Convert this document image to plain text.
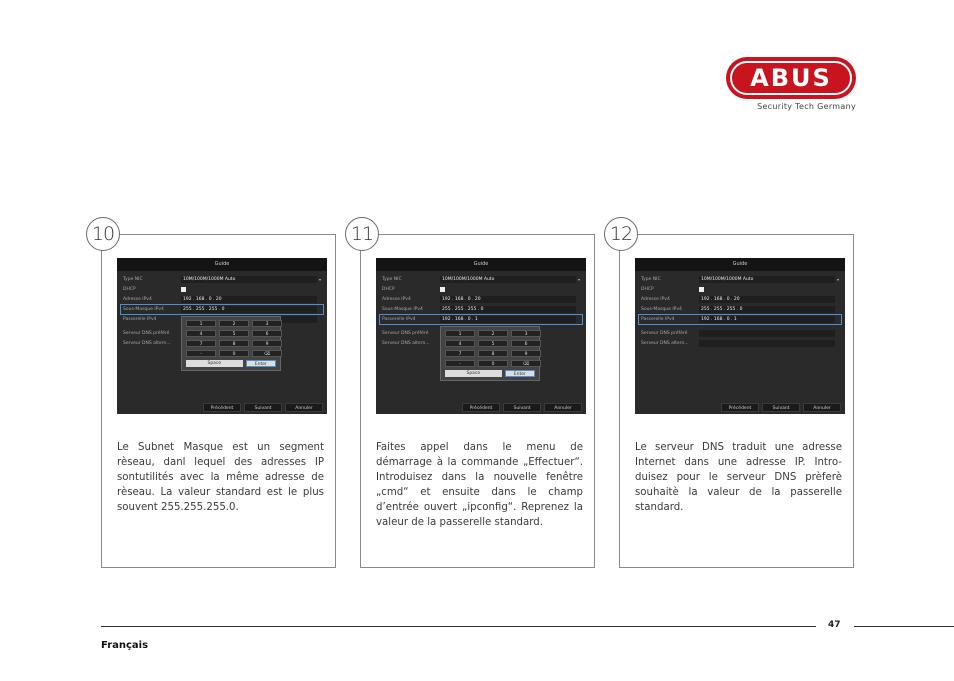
ABUS
Security Tech Germany
10
Guide
Type NIC	10M/100M/1000M Auto	▾
DHCP
Adresse IPv4	192 . 168 . 0 . 20
Sous-Masque IPv4	255 . 255 . 255 . 0
Passerelle IPv4
Serveur DNS préféré
Serveur DNS altern...
1	2	3
4	5	6
7	8	9
-	0	⌫
Space	Enter
Précédent	Suivant	Annuler
Le Subnet Masque est un segment rèseau, danl lequel des adresses IP sontutilités avec la même adresse de rèseau. La valeur standard est le plus souvent 255.255.255.0.
11
Guide
Type NIC	10M/100M/1000M Auto	▾
DHCP
Adresse IPv4	192 . 168 . 0 . 20
Sous-Masque IPv4	255 . 255 . 255 . 0
Passerelle IPv4	192 . 168 . 0 . 1
Serveur DNS préféré
Serveur DNS altern...
1	2	3
4	5	6
7	8	9
-	0	⌫
Space	Enter
Précédent	Suivant	Annuler
Faites appel dans le menu de démarrage à la commande „Effectuer“. Introduisez dans la nouvelle fenêtre „cmd“ et ensuite dans le champ d’entrée ouvert „ipconfig“. Reprenez la valeur de la passerelle standard.
12
Guide
Type NIC	10M/100M/1000M Auto	▾
DHCP
Adresse IPv4	192 . 168 . 0 . 20
Sous-Masque IPv4	255 . 255 . 255 . 0
Passerelle IPv4	192 . 168 . 0 . 1
Serveur DNS préféré
Serveur DNS altern...
Précédent	Suivant	Annuler
Le serveur DNS traduit une adresse Internet dans une adresse IP. Intro-duisez pour le serveur DNS prèferè souhaitè la valeur de la passerelle standard.
47
Français
